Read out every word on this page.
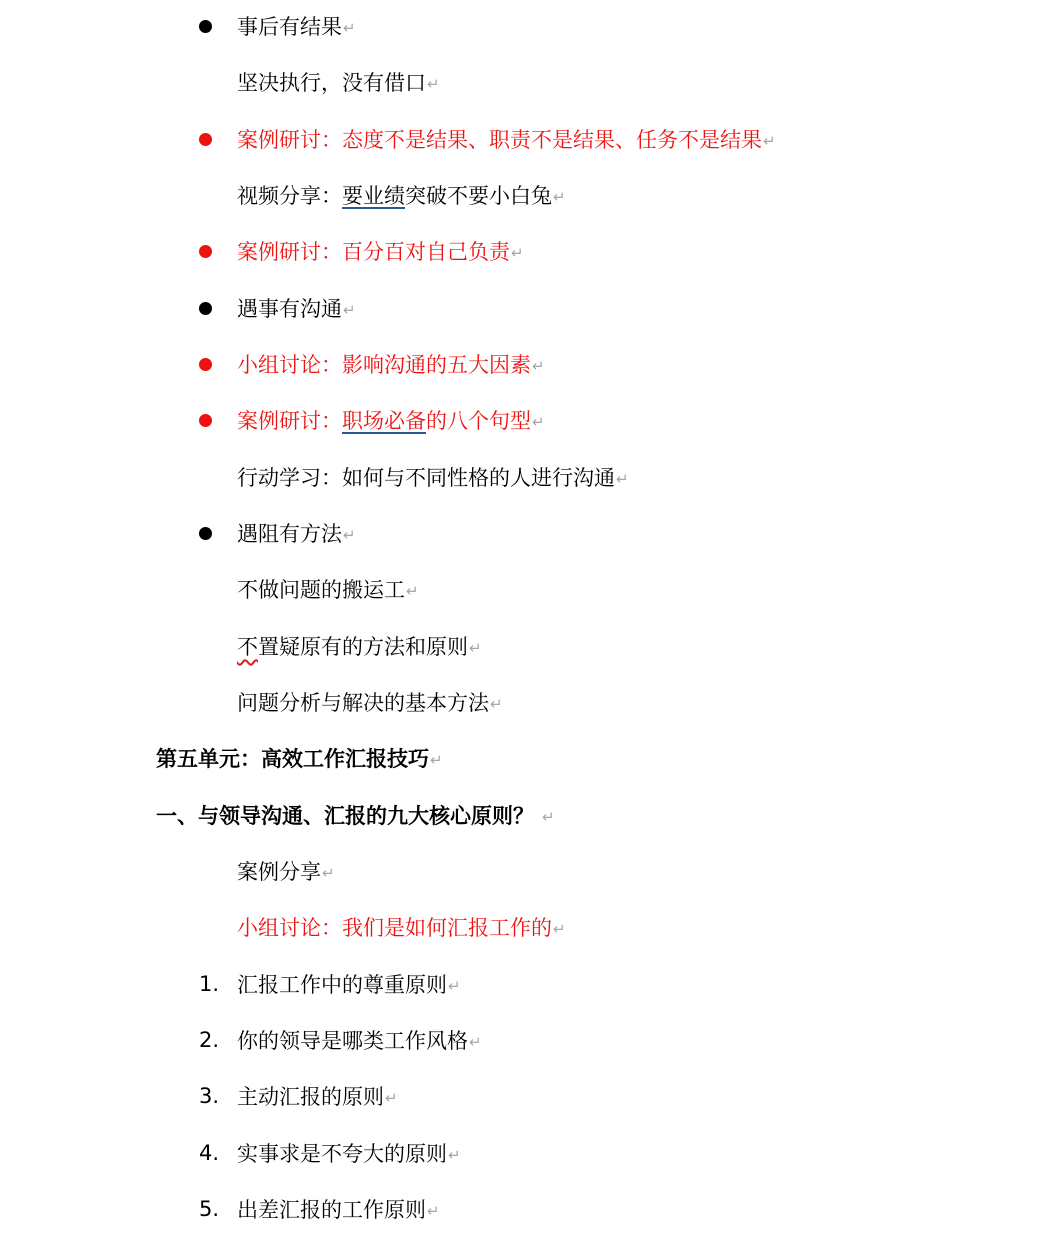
事后有结果 ↵
坚决执行，没有借口 ↵
案例研讨：态度不是结果、职责不是结果、任务不是结果 ↵
视频分享： 要业绩 突破不要小白兔 ↵
案例研讨：百分百对自己负责 ↵
遇事有沟通 ↵
小组讨论：影响沟通的五大因素 ↵
案例研讨： 职场必备 的八个句型 ↵
行动学习：如何与不同性格的人进行沟通 ↵
遇阻有方法 ↵
不做问题的搬运工 ↵
不 置疑原有的方法和原则 ↵
问题分析与解决的基本方法 ↵
第五单元：高效工作汇报技巧 ↵
一、与领导沟通、汇报的九大核心原则？ ↵
案例分享 ↵
小组讨论：我们是如何汇报工作的 ↵
1. 汇报工作中的尊重原则 ↵
2. 你的领导是哪类工作风格 ↵
3. 主动汇报的原则 ↵
4. 实事求是不夸大的原则 ↵
5. 出差汇报的工作原则 ↵
